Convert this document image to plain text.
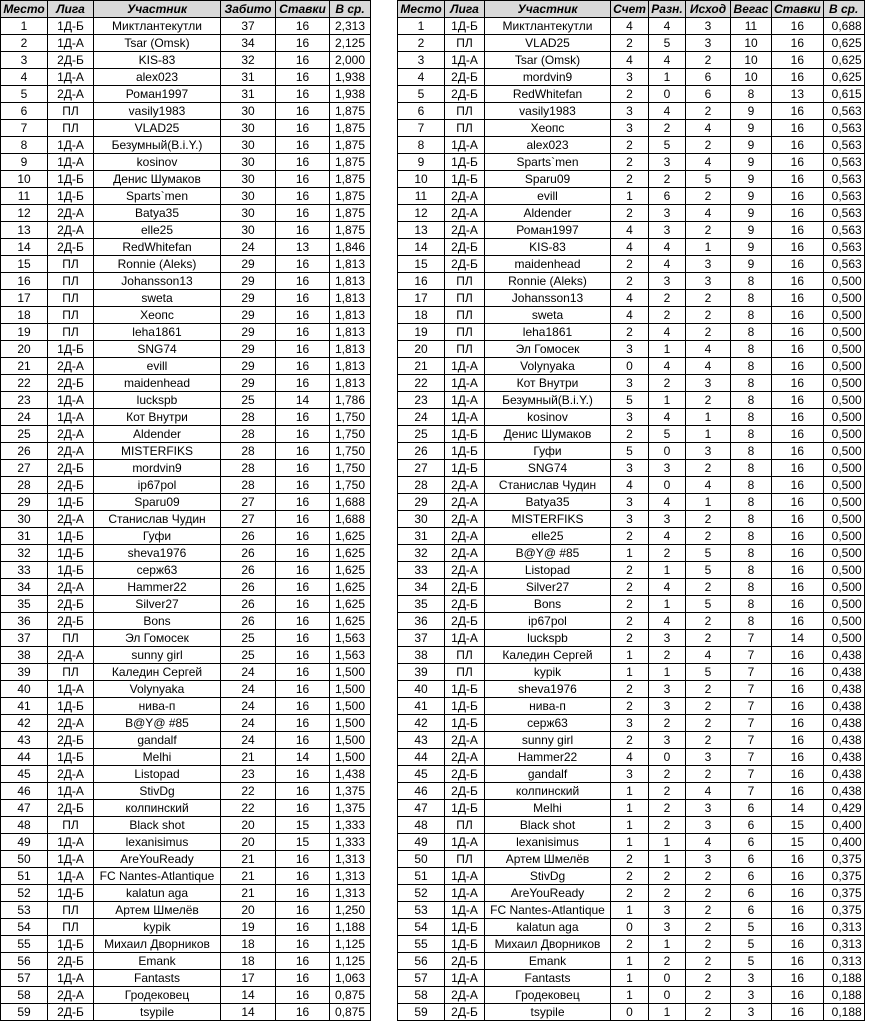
Место	Лига	Участник	Забито	Ставки	В ср.
1	1Д-Б	Миктлантекутли	37	16	2,313
2	1Д-А	Tsar (Omsk)	34	16	2,125
3	2Д-Б	KIS-83	32	16	2,000
4	1Д-А	alex023	31	16	1,938
5	2Д-А	Роман1997	31	16	1,938
6	ПЛ	vasily1983	30	16	1,875
7	ПЛ	VLAD25	30	16	1,875
8	1Д-А	Безумный(B.i.Y.)	30	16	1,875
9	1Д-А	kosinov	30	16	1,875
10	1Д-Б	Денис Шумаков	30	16	1,875
11	1Д-Б	Sparts`men	30	16	1,875
12	2Д-А	Batya35	30	16	1,875
13	2Д-А	elle25	30	16	1,875
14	2Д-Б	RedWhitefan	24	13	1,846
15	ПЛ	Ronnie (Aleks)	29	16	1,813
16	ПЛ	Johansson13	29	16	1,813
17	ПЛ	sweta	29	16	1,813
18	ПЛ	Хеопс	29	16	1,813
19	ПЛ	leha1861	29	16	1,813
20	1Д-Б	SNG74	29	16	1,813
21	2Д-А	evill	29	16	1,813
22	2Д-Б	maidenhead	29	16	1,813
23	1Д-А	luckspb	25	14	1,786
24	1Д-А	Кот Внутри	28	16	1,750
25	2Д-А	Aldender	28	16	1,750
26	2Д-А	MISTERFIKS	28	16	1,750
27	2Д-Б	mordvin9	28	16	1,750
28	2Д-Б	ip67pol	28	16	1,750
29	1Д-Б	Sparu09	27	16	1,688
30	2Д-А	Станислав Чудин	27	16	1,688
31	1Д-Б	Гуфи	26	16	1,625
32	1Д-Б	sheva1976	26	16	1,625
33	1Д-Б	серж63	26	16	1,625
34	2Д-А	Hammer22	26	16	1,625
35	2Д-Б	Silver27	26	16	1,625
36	2Д-Б	Bons	26	16	1,625
37	ПЛ	Эл Гомосек	25	16	1,563
38	2Д-А	sunny girl	25	16	1,563
39	ПЛ	Каледин Сергей	24	16	1,500
40	1Д-А	Volynyaka	24	16	1,500
41	1Д-Б	нива-п	24	16	1,500
42	2Д-А	B@Y@ #85	24	16	1,500
43	2Д-Б	gandalf	24	16	1,500
44	1Д-Б	Melhi	21	14	1,500
45	2Д-А	Listopad	23	16	1,438
46	1Д-А	StivDg	22	16	1,375
47	2Д-Б	колпинский	22	16	1,375
48	ПЛ	Black shot	20	15	1,333
49	1Д-А	lexanisimus	20	15	1,333
50	1Д-А	AreYouReady	21	16	1,313
51	1Д-А	FC Nantes-Atlantique	21	16	1,313
52	1Д-Б	kalatun aga	21	16	1,313
53	ПЛ	Артем Шмелёв	20	16	1,250
54	ПЛ	kypik	19	16	1,188
55	1Д-Б	Михаил Дворников	18	16	1,125
56	2Д-Б	Emank	18	16	1,125
57	1Д-А	Fantasts	17	16	1,063
58	2Д-А	Гродековец	14	16	0,875
59	2Д-Б	tsypile	14	16	0,875
Место	Лига	Участник	Счет	Разн.	Исход	Вегас	Ставки	В ср.
1	1Д-Б	Миктлантекутли	4	4	3	11	16	0,688
2	ПЛ	VLAD25	2	5	3	10	16	0,625
3	1Д-А	Tsar (Omsk)	4	4	2	10	16	0,625
4	2Д-Б	mordvin9	3	1	6	10	16	0,625
5	2Д-Б	RedWhitefan	2	0	6	8	13	0,615
6	ПЛ	vasily1983	3	4	2	9	16	0,563
7	ПЛ	Хеопс	3	2	4	9	16	0,563
8	1Д-А	alex023	2	5	2	9	16	0,563
9	1Д-Б	Sparts`men	2	3	4	9	16	0,563
10	1Д-Б	Sparu09	2	2	5	9	16	0,563
11	2Д-А	evill	1	6	2	9	16	0,563
12	2Д-А	Aldender	2	3	4	9	16	0,563
13	2Д-А	Роман1997	4	3	2	9	16	0,563
14	2Д-Б	KIS-83	4	4	1	9	16	0,563
15	2Д-Б	maidenhead	2	4	3	9	16	0,563
16	ПЛ	Ronnie (Aleks)	2	3	3	8	16	0,500
17	ПЛ	Johansson13	4	2	2	8	16	0,500
18	ПЛ	sweta	4	2	2	8	16	0,500
19	ПЛ	leha1861	2	4	2	8	16	0,500
20	ПЛ	Эл Гомосек	3	1	4	8	16	0,500
21	1Д-А	Volynyaka	0	4	4	8	16	0,500
22	1Д-А	Кот Внутри	3	2	3	8	16	0,500
23	1Д-А	Безумный(B.i.Y.)	5	1	2	8	16	0,500
24	1Д-А	kosinov	3	4	1	8	16	0,500
25	1Д-Б	Денис Шумаков	2	5	1	8	16	0,500
26	1Д-Б	Гуфи	5	0	3	8	16	0,500
27	1Д-Б	SNG74	3	3	2	8	16	0,500
28	2Д-А	Станислав Чудин	4	0	4	8	16	0,500
29	2Д-А	Batya35	3	4	1	8	16	0,500
30	2Д-А	MISTERFIKS	3	3	2	8	16	0,500
31	2Д-А	elle25	2	4	2	8	16	0,500
32	2Д-А	B@Y@ #85	1	2	5	8	16	0,500
33	2Д-А	Listopad	2	1	5	8	16	0,500
34	2Д-Б	Silver27	2	4	2	8	16	0,500
35	2Д-Б	Bons	2	1	5	8	16	0,500
36	2Д-Б	ip67pol	2	4	2	8	16	0,500
37	1Д-А	luckspb	2	3	2	7	14	0,500
38	ПЛ	Каледин Сергей	1	2	4	7	16	0,438
39	ПЛ	kypik	1	1	5	7	16	0,438
40	1Д-Б	sheva1976	2	3	2	7	16	0,438
41	1Д-Б	нива-п	2	3	2	7	16	0,438
42	1Д-Б	серж63	3	2	2	7	16	0,438
43	2Д-А	sunny girl	2	3	2	7	16	0,438
44	2Д-А	Hammer22	4	0	3	7	16	0,438
45	2Д-Б	gandalf	3	2	2	7	16	0,438
46	2Д-Б	колпинский	1	2	4	7	16	0,438
47	1Д-Б	Melhi	1	2	3	6	14	0,429
48	ПЛ	Black shot	1	2	3	6	15	0,400
49	1Д-А	lexanisimus	1	1	4	6	15	0,400
50	ПЛ	Артем Шмелёв	2	1	3	6	16	0,375
51	1Д-А	StivDg	2	2	2	6	16	0,375
52	1Д-А	AreYouReady	2	2	2	6	16	0,375
53	1Д-А	FC Nantes-Atlantique	1	3	2	6	16	0,375
54	1Д-Б	kalatun aga	0	3	2	5	16	0,313
55	1Д-Б	Михаил Дворников	2	1	2	5	16	0,313
56	2Д-Б	Emank	1	2	2	5	16	0,313
57	1Д-А	Fantasts	1	0	2	3	16	0,188
58	2Д-А	Гродековец	1	0	2	3	16	0,188
59	2Д-Б	tsypile	0	1	2	3	16	0,188
